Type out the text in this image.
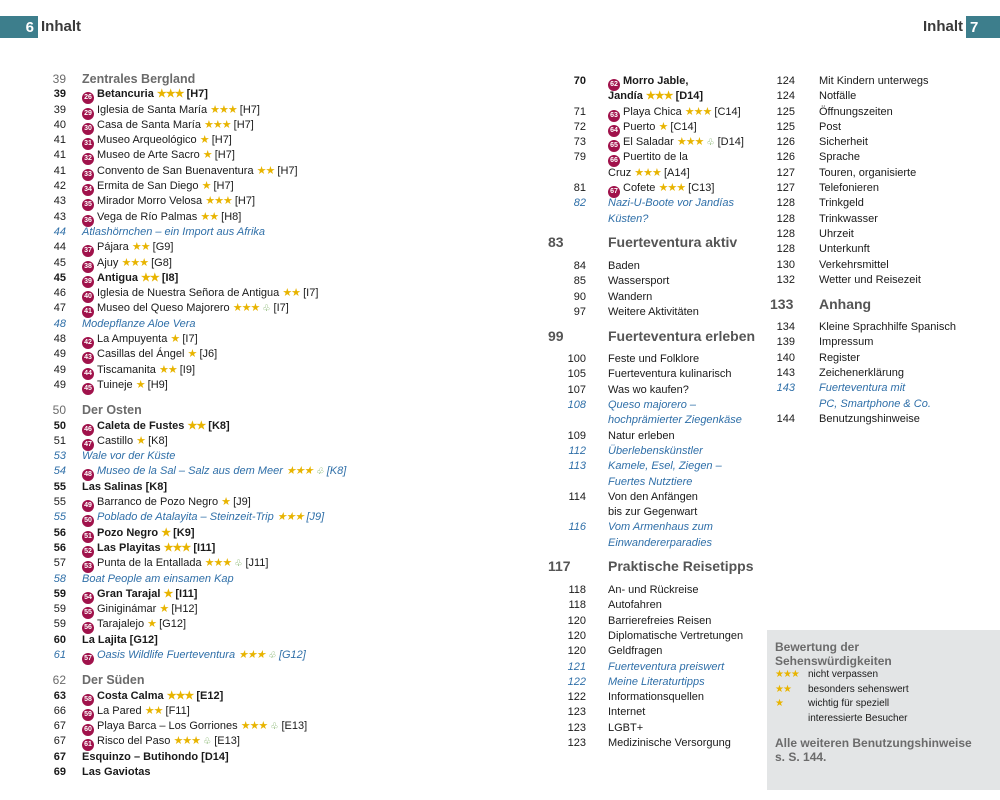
6 Inhalt	Inhalt 7
39 Zentrales Bergland
39	26 Betancuria ★★★ [H7]
39	29 Iglesia de Santa María ★★★ [H7]
40	30 Casa de Santa María ★★★ [H7]
41	31 Museo Arqueológico ★ [H7]
41	32 Museo de Arte Sacro ★ [H7]
41	33 Convento de San Buenaventura ★★ [H7]
42	34 Ermita de San Diego ★ [H7]
43	35 Mirador Morro Velosa ★★★ [H7]
43	36 Vega de Río Palmas ★★ [H8]
44 Atlashörnchen – ein Import aus Afrika
44	37 Pájara ★★ [G9]
45	38 Ajuy ★★★ [G8]
45	39 Antigua ★★ [I8]
46	40 Iglesia de Nuestra Señora de Antigua ★★ [I7]
47	41 Museo del Queso Majorero ★★★ ♧ [I7]
48 Modepflanze Aloe Vera
48	42 La Ampuyenta ★ [I7]
49	43 Casillas del Ángel ★ [J6]
49	44 Tiscamanita ★★ [I9]
49	45 Tuineje ★ [H9]
50 Der Osten
50	46 Caleta de Fustes ★★ [K8]
51	47 Castillo ★ [K8]
53 Wale vor der Küste
54	48 Museo de la Sal – Salz aus dem Meer ★★★ ♧ [K8]
55 Las Salinas [K8]
55	49 Barranco de Pozo Negro ★ [J9]
55	50 Poblado de Atalayita – Steinzeit-Trip ★★★ [J9]
56	51 Pozo Negro ★ [K9]
56	52 Las Playitas ★★★ [I11]
57	53 Punta de la Entallada ★★★ ♧ [J11]
58 Boat People am einsamen Kap
59	54 Gran Tarajal ★ [I11]
59	55 Giniginámar ★ [H12]
59	56 Tarajalejo ★ [G12]
60 La Lajita [G12]
61	57 Oasis Wildlife Fuerteventura ★★★ ♧ [G12]
62 Der Süden
63	58 Costa Calma ★★★ [E12]
66	59 La Pared ★★ [F11]
67	60 Playa Barca – Los Gorriones ★★★ ♧ [E13]
67	61 Risco del Paso ★★★ ♧ [E13]
67 Esquinzo – Butihondo [D14]
69 Las Gaviotas
70	62 Morro Jable,
Jandía ★★★ [D14]
71	63 Playa Chica ★★★ [C14]
72	64 Puerto ★ [C14]
73	65 El Saladar ★★★ ♧ [D14]
79	66 Puertito de la
Cruz ★★★ [A14]
81	67 Cofete ★★★ [C13]
82 Nazi-U-Boote vor Jandías
Küsten?
83	Fuerteventura aktiv
84 Baden
85 Wassersport
90 Wandern
97 Weitere Aktivitäten
99	Fuerteventura erleben
100 Feste und Folklore
105 Fuerteventura kulinarisch
107 Was wo kaufen?
108 Queso majorero –
hochprämierter Ziegenkäse
109 Natur erleben
112 Überlebenskünstler
113 Kamele, Esel, Ziegen –
Fuertes Nutztiere
114 Von den Anfängen
bis zur Gegenwart
116 Vom Armenhaus zum
Einwandererparadies
117	Praktische Reisetipps
118 An- und Rückreise
118 Autofahren
120 Barrierefreies Reisen
120 Diplomatische Vertretungen
120 Geldfragen
121 Fuerteventura preiswert
122 Meine Literaturtipps
122 Informationsquellen
123 Internet
123 LGBT+
123 Medizinische Versorgung
124 Mit Kindern unterwegs
124 Notfälle
125 Öffnungszeiten
125 Post
126 Sicherheit
126 Sprache
127 Touren, organisierte
127 Telefonieren
128 Trinkgeld
128 Trinkwasser
128 Uhrzeit
128 Unterkunft
130 Verkehrsmittel
132 Wetter und Reisezeit
133 Anhang
134 Kleine Sprachhilfe Spanisch
139 Impressum
140 Register
143 Zeichenerklärung
143 Fuerteventura mit
PC, Smartphone & Co.
144 Benutzungshinweise
Bewertung der
Sehenswürdigkeiten
★★★ nicht verpassen
★★	besonders sehenswert
★	wichtig für speziell
interessierte Besucher
Alle weiteren Benutzungshinweise
s. S. 144.
